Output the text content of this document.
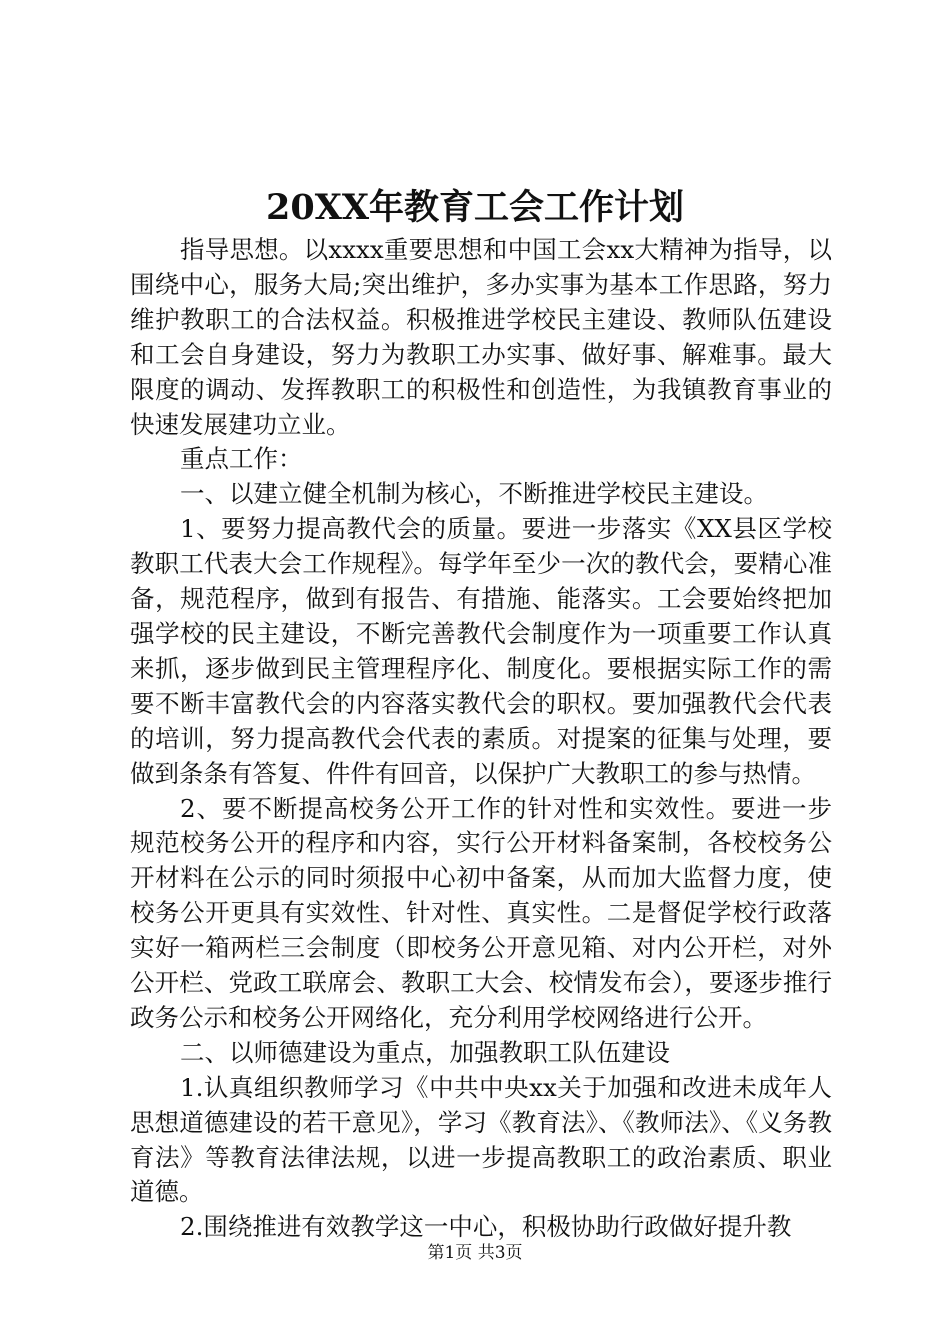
20XX年教育工会工作计划

指导思想。以xxxx重要思想和中国工会xx大精神为指导，以围绕中心，服务大局;突出维护，多办实事为基本工作思路，努力维护教职工的合法权益。积极推进学校民主建设、教师队伍建设和工会自身建设，努力为教职工办实事、做好事、解难事。最大限度的调动、发挥教职工的积极性和创造性，为我镇教育事业的快速发展建功立业。

重点工作：

一、以建立健全机制为核心，不断推进学校民主建设。

1、要努力提高教代会的质量。要进一步落实《XX县区学校教职工代表大会工作规程》。每学年至少一次的教代会，要精心准备，规范程序，做到有报告、有措施、能落实。工会要始终把加强学校的民主建设，不断完善教代会制度作为一项重要工作认真来抓，逐步做到民主管理程序化、制度化。要根据实际工作的需要不断丰富教代会的内容落实教代会的职权。要加强教代会代表的培训，努力提高教代会代表的素质。对提案的征集与处理，要做到条条有答复、件件有回音，以保护广大教职工的参与热情。

2、要不断提高校务公开工作的针对性和实效性。要进一步规范校务公开的程序和内容，实行公开材料备案制，各校校务公开材料在公示的同时须报中心初中备案，从而加大监督力度，使校务公开更具有实效性、针对性、真实性。二是督促学校行政落实好一箱两栏三会制度（即校务公开意见箱、对内公开栏，对外公开栏、党政工联席会、教职工大会、校情发布会），要逐步推行政务公示和校务公开网络化，充分利用学校网络进行公开。

二、以师德建设为重点，加强教职工队伍建设

1.认真组织教师学习《中共中央xx关于加强和改进未成年人思想道德建设的若干意见》，学习《教育法》、《教师法》、《义务教育法》等教育法律法规，以进一步提高教职工的政治素质、职业道德。

2.围绕推进有效教学这一中心，积极协助行政做好提升教

第1页 共3页
